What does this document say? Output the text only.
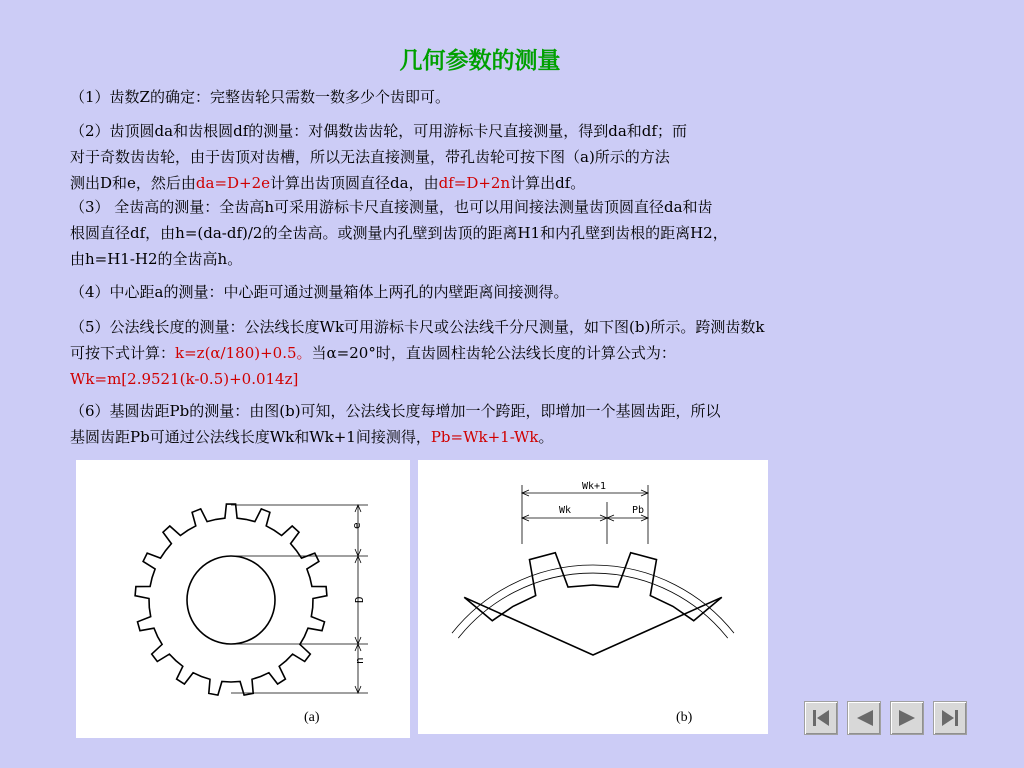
几何参数的测量
（1）齿数Z的确定：完整齿轮只需数一数多少个齿即可。
（2）齿顶圆da和齿根圆df的测量：对偶数齿齿轮，可用游标卡尺直接测量，得到da和df；而
对于奇数齿齿轮，由于齿顶对齿槽，所以无法直接测量，带孔齿轮可按下图（a)所示的方法
测出D和e，然后由da=D+2e计算出齿顶圆直径da，由df=D+2n计算出df。
（3） 全齿高的测量：全齿高h可采用游标卡尺直接测量，也可以用间接法测量齿顶圆直径da和齿
根圆直径df，由h=(da-df)/2的全齿高。或测量内孔壁到齿顶的距离H1和内孔壁到齿根的距离H2，
由h=H1-H2的全齿高h。
（4）中心距a的测量：中心距可通过测量箱体上两孔的内壁距离间接测得。
（5）公法线长度的测量：公法线长度Wk可用游标卡尺或公法线千分尺测量，如下图(b)所示。跨测齿数k
可按下式计算：k=z(α/180)+0.5。当α=20°时，直齿圆柱齿轮公法线长度的计算公式为：
Wk=m[2.9521(k-0.5)+0.014z]
（6）基圆齿距Pb的测量：由图(b)可知，公法线长度每增加一个跨距，即增加一个基圆齿距，所以
基圆齿距Pb可通过公法线长度Wk和Wk+1间接测得，Pb=Wk+1-Wk。
e
D
n
(a)
Wk+1
Wk	Pb
(b)
